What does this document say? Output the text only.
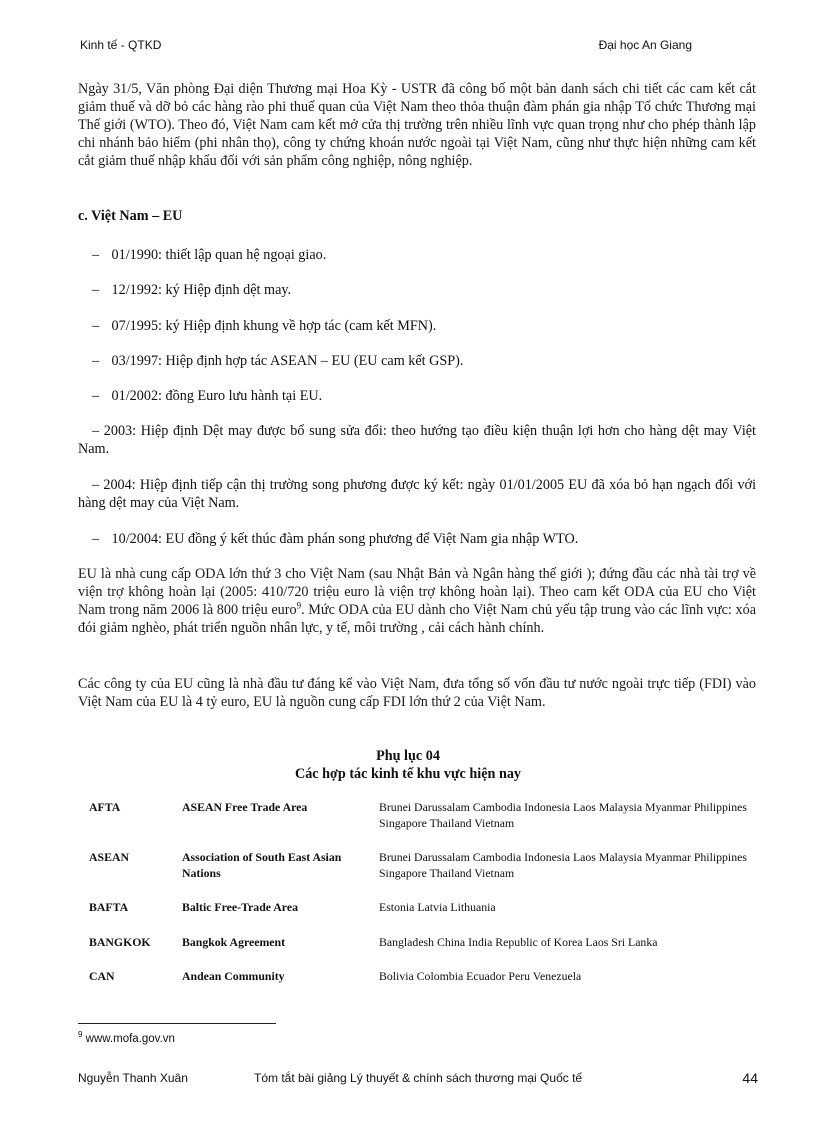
Kinh tế - QTKD	Đại học An Giang
Ngày 31/5, Văn phòng Đại diện Thương mại Hoa Kỳ - USTR đã công bố một bản danh sách chi tiết các cam kết cắt giảm thuế và dỡ bỏ các hàng rào phi thuế quan của Việt Nam theo thỏa thuận đàm phán gia nhập Tổ chức Thương mại Thế giới (WTO). Theo đó, Việt Nam cam kết mở cửa thị trường trên nhiều lĩnh vực quan trọng như cho phép thành lập chi nhánh bảo hiểm (phi nhân thọ), công ty chứng khoán nước ngoài tại Việt Nam, cũng như thực hiện những cam kết cắt giảm thuế nhập khẩu đối với sản phẩm công nghiệp, nông nghiệp.
c. Việt Nam – EU
– 01/1990: thiết lập quan hệ ngoại giao.
– 12/1992: ký Hiệp định dệt may.
– 07/1995: ký Hiệp định khung về hợp tác (cam kết MFN).
– 03/1997: Hiệp định hợp tác ASEAN – EU (EU cam kết GSP).
– 01/2002: đồng Euro lưu hành tại EU.
– 2003: Hiệp định Dệt may được bổ sung sửa đổi: theo hướng tạo điều kiện thuận lợi hơn cho hàng dệt may Việt Nam.
– 2004: Hiệp định tiếp cận thị trường song phương được ký kết: ngày 01/01/2005 EU đã xóa bỏ hạn ngạch đối với hàng dệt may của Việt Nam.
– 10/2004: EU đồng ý kết thúc đàm phán song phương để Việt Nam gia nhập WTO.
EU là nhà cung cấp ODA lớn thứ 3 cho Việt Nam (sau Nhật Bản và Ngân hàng thế giới ); đứng đầu các nhà tài trợ về viện trợ không hoàn lại (2005: 410/720 triệu euro là viện trợ không hoàn lại). Theo cam kết ODA của EU cho Việt Nam trong năm 2006 là 800 triệu euro$^9$. Mức ODA của EU dành cho Việt Nam chủ yếu tập trung vào các lĩnh vực: xóa đói giảm nghèo, phát triển nguồn nhân lực, y tế, môi trường , cải cách hành chính.
Các công ty của EU cũng là nhà đầu tư đáng kể vào Việt Nam, đưa tổng số vốn đầu tư nước ngoài trực tiếp (FDI) vào Việt Nam của EU là 4 tỷ euro, EU là nguồn cung cấp FDI lớn thứ 2 của Việt Nam.
Phụ lục 04
Các hợp tác kinh tế khu vực hiện nay
AFTA	ASEAN Free Trade Area	Brunei Darussalam Cambodia Indonesia Laos Malaysia Myanmar Philippines Singapore Thailand Vietnam
ASEAN	Association of South East Asian Nations	Brunei Darussalam Cambodia Indonesia Laos Malaysia Myanmar Philippines Singapore Thailand Vietnam
BAFTA	Baltic Free-Trade Area	Estonia Latvia Lithuania
BANGKOK	Bangkok Agreement	Bangladesh China India Republic of Korea Laos Sri Lanka
CAN	Andean Community	Bolivia Colombia Ecuador Peru Venezuela
$^9$ www.mofa.gov.vn
Nguyễn Thanh Xuân	Tóm tắt bài giảng Lý thuyết & chính sách thương mại Quốc tế	44
